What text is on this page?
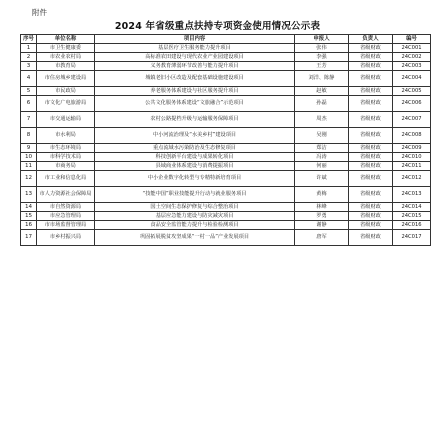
附件
2024 年省级重点扶持专项资金使用情况公示表
序号	单位名称	项目内容	申报人	负责人	编号
1	市卫生健康委	基层医疗卫生服务能力提升项目	张伟	省级财政	24C001
2	市农业农村局	高标准农田建设与现代农业产业园建设项目	李强	省级财政	24C002
3	市教育局	义务教育薄弱环节改善与能力提升项目	王芳	省级财政	24C003
4	市住房城乡建设局	城镇老旧小区改造及配套基础设施建设项目	刘洋、陈静	省级财政	24C004
5	市民政局	养老服务体系建设与社区服务提升项目	赵敏	省级财政	24C005
6	市文化广电旅游局	公共文化服务体系建设“文旅融合”示范项目	孙磊	省级财政	24C006
7	市交通运输局	农村公路提档升级与运输服务保障项目	周杰	省级财政	24C007
8	市水利局	中小河流治理及“水美乡村”建设项目	吴刚	省级财政	24C008
9	市生态环境局	重点流域水污染防治及生态修复项目	郑洁	省级财政	24C009
10	市科学技术局	科技创新平台建设与成果转化项目	冯涛	省级财政	24C010
11	市商务局	县域商业体系建设与消费提振项目	何丽	省级财政	24C011
12	市工业和信息化局	中小企业数字化转型与专精特新培育项目	许斌	省级财政	24C012
13	市人力资源社会保障局	“技能中国”职业技能提升行动与就业服务项目	黄梅	省级财政	24C013
14	市自然资源局	国土空间生态保护修复与综合整治项目	林峰	省级财政	24C014
15	市应急管理局	基层应急能力建设与防灾减灾项目	罗勇	省级财政	24C015
16	市市场监督管理局	食品安全监管能力提升与检验检测项目	谢静	省级财政	24C016
17	市乡村振兴局	巩固拓展脱贫攻坚成果“一村一品”产业发展项目	唐军	省级财政	24C017
